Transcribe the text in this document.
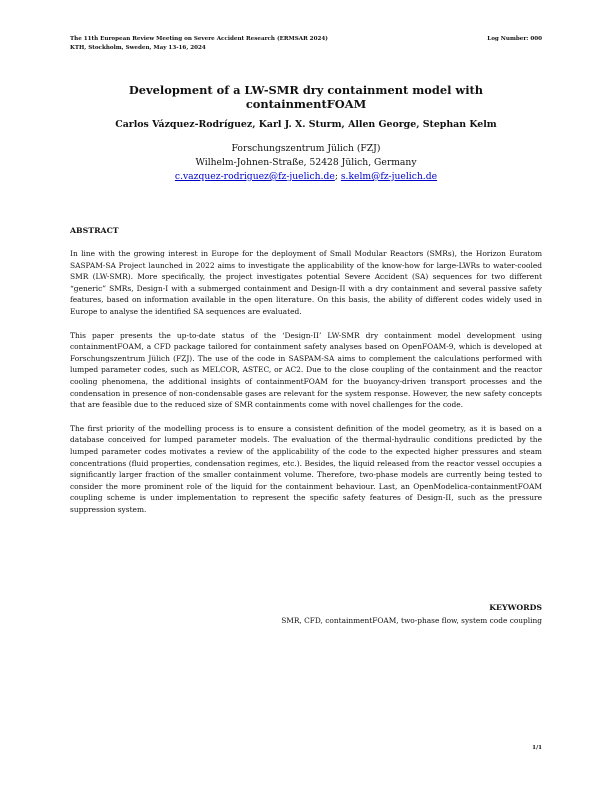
The 11th European Review Meeting on Severe Accident Research (ERMSAR 2024)
KTH, Stockholm, Sweden, May 13-16, 2024
Log Number: 000
Development of a LW-SMR dry containment model with containmentFOAM
Carlos Vázquez-Rodríguez, Karl J. X. Sturm, Allen George, Stephan Kelm
Forschungszentrum Jülich (FZJ)
Wilhelm-Johnen-Straße, 52428 Jülich, Germany
c.vazquez-rodriguez@fz-juelich.de; s.kelm@fz-juelich.de
ABSTRACT

In line with the growing interest in Europe for the deployment of Small Modular Reactors (SMRs), the Horizon Euratom SASPAM-SA Project launched in 2022 aims to investigate the applicability of the know-how for large-LWRs to water-cooled SMR (LW-SMR). More specifically, the project investigates potential Severe Accident (SA) sequences for two different “generic” SMRs, Design-I with a submerged containment and Design-II with a dry containment and several passive safety features, based on information available in the open literature. On this basis, the ability of different codes widely used in Europe to analyse the identified SA sequences are evaluated.

This paper presents the up-to-date status of the ‘Design-II’ LW-SMR dry containment model development using containmentFOAM, a CFD package tailored for containment safety analyses based on OpenFOAM-9, which is developed at Forschungszentrum Jülich (FZJ). The use of the code in SASPAM-SA aims to complement the calculations performed with lumped parameter codes, such as MELCOR, ASTEC, or AC2. Due to the close coupling of the containment and the reactor cooling phenomena, the additional insights of containmentFOAM for the buoyancy-driven transport processes and the condensation in presence of non-condensable gases are relevant for the system response. However, the new safety concepts that are feasible due to the reduced size of SMR containments come with novel challenges for the code.

The first priority of the modelling process is to ensure a consistent definition of the model geometry, as it is based on a database conceived for lumped parameter models. The evaluation of the thermal-hydraulic conditions predicted by the lumped parameter codes motivates a review of the applicability of the code to the expected higher pressures and steam concentrations (fluid properties, condensation regimes, etc.). Besides, the liquid released from the reactor vessel occupies a significantly larger fraction of the smaller containment volume. Therefore, two-phase models are currently being tested to consider the more prominent role of the liquid for the containment behaviour. Last, an OpenModelica-containmentFOAM coupling scheme is under implementation to represent the specific safety features of Design-II, such as the pressure suppression system.

KEYWORDS
SMR, CFD, containmentFOAM, two-phase flow, system code coupling
1/1
